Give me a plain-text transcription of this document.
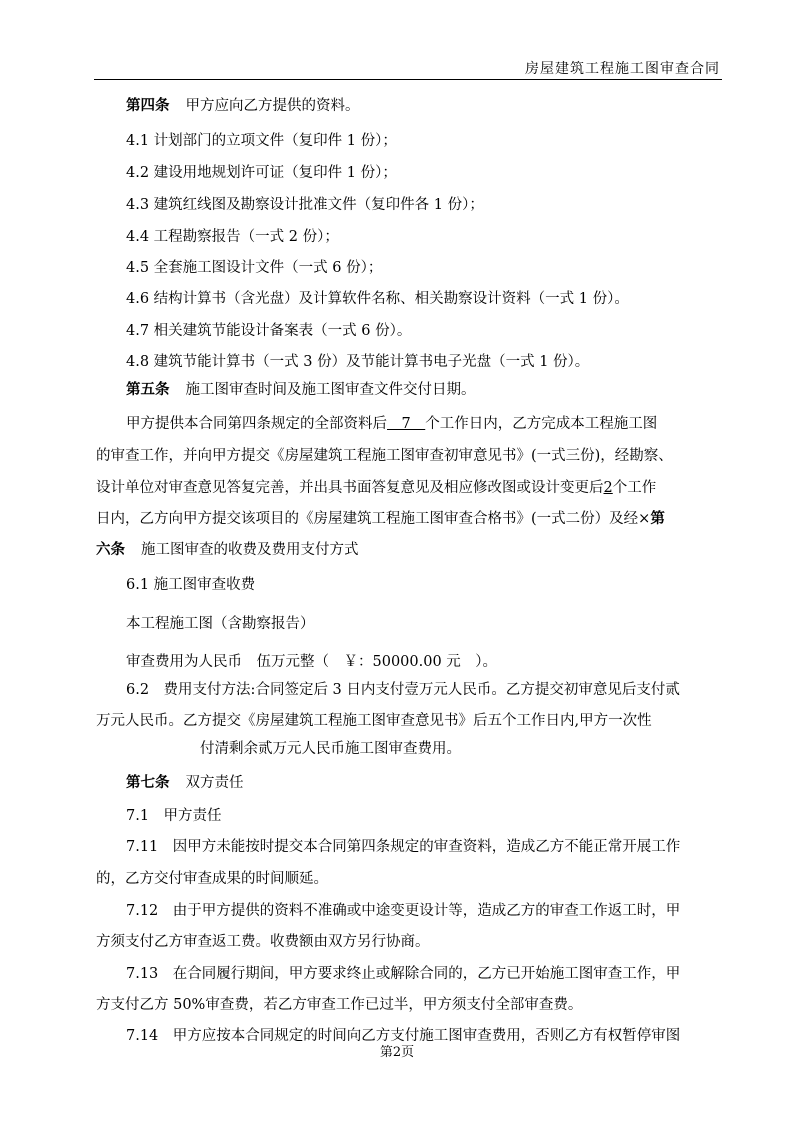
房屋建筑工程施工图审查合同
第四条 甲方应向乙方提供的资料。
4.1 计划部门的立项文件（复印件 1 份）；
4.2 建设用地规划许可证（复印件 1 份）；
4.3 建筑红线图及勘察设计批准文件（复印件各 1 份）；
4.4 工程勘察报告（一式 2 份）；
4.5 全套施工图设计文件（一式 6 份）；
4.6 结构计算书（含光盘）及计算软件名称、相关勘察设计资料（一式 1 份）。
4.7 相关建筑节能设计备案表（一式 6 份）。
4.8 建筑节能计算书（一式 3 份）及节能计算书电子光盘（一式 1 份）。
第五条 施工图审查时间及施工图审查文件交付日期。
甲方提供本合同第四条规定的全部资料后　7　个工作日内，乙方完成本工程施工图
的审查工作，并向甲方提交《房屋建筑工程施工图审查初审意见书》(一式三份)，经勘察、
设计单位对审查意见答复完善，并出具书面答复意见及相应修改图或设计变更后2个工作
日内，乙方向甲方提交该项目的《房屋建筑工程施工图审查合格书》(一式二份）及经×第
六条 施工图审查的收费及费用支付方式
6.1 施工图审查收费
本工程施工图（含勘察报告）
审查费用为人民币　伍万元整（　￥：50000.00 元　）。
6.2　费用支付方法:合同签定后 3 日内支付壹万元人民币。乙方提交初审意见后支付贰
万元人民币。乙方提交《房屋建筑工程施工图审查意见书》后五个工作日内,甲方一次性
付清剩余贰万元人民币施工图审查费用。
第七条 双方责任
7.1　甲方责任
7.11　因甲方未能按时提交本合同第四条规定的审查资料，造成乙方不能正常开展工作
的，乙方交付审查成果的时间顺延。
7.12　由于甲方提供的资料不准确或中途变更设计等，造成乙方的审查工作返工时，甲
方须支付乙方审查返工费。收费额由双方另行协商。
7.13　在合同履行期间，甲方要求终止或解除合同的，乙方已开始施工图审查工作，甲
方支付乙方 50%审查费，若乙方审查工作已过半，甲方须支付全部审查费。
7.14　甲方应按本合同规定的时间向乙方支付施工图审查费用，否则乙方有权暂停审图
第2页
